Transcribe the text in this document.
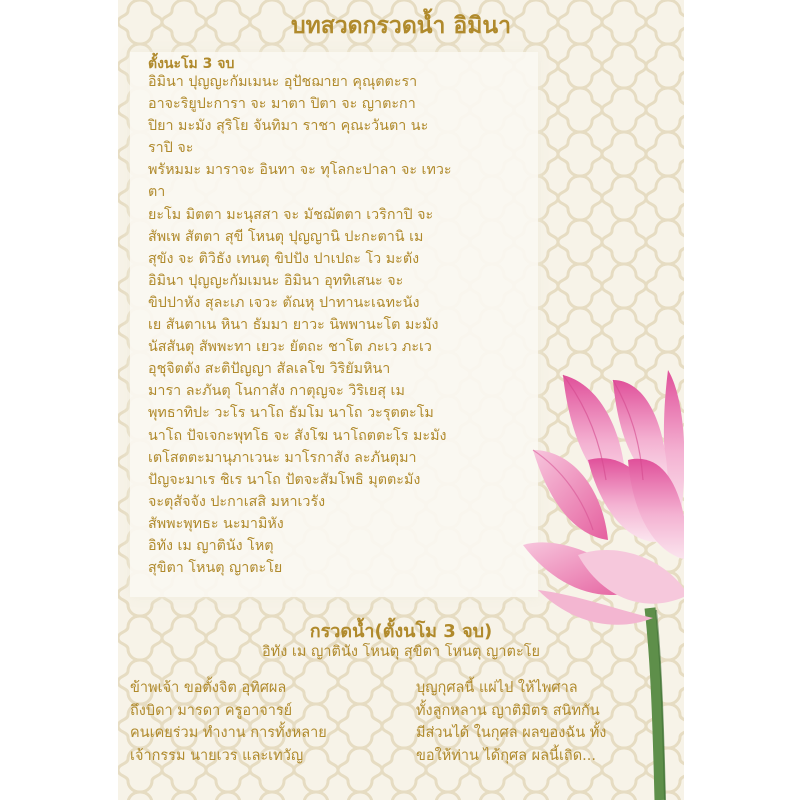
บทสวดกรวดน้ำ อิมินา
ตั้งนะโม 3 จบ
อิมินา ปุญญะกัมเมนะ อุปัชฌายา คุณุตตะรา
อาจะริยูปะการา จะ มาตา ปิตา จะ ญาตะกา
ปิยา มะมัง สุริโย จันทิมา ราชา คุณะวันตา นะ
ราปิ จะ
พรัหมมะ มาราจะ อินทา จะ ทุโลกะปาลา จะ เทวะ
ตา
ยะโม มิตตา มะนุสสา จะ มัชฌัตตา เวริกาปิ จะ
สัพเพ สัตตา สุขี โหนตุ ปุญญานิ ปะกะตานิ เม
สุขัง จะ ติวิธัง เทนตุ ขิปปัง ปาเปถะ โว มะตัง
อิมินา ปุญญะกัมเมนะ อิมินา อุททิเสนะ จะ
ขิปปาหัง สุละเภ เจวะ ตัณหุ ปาทานะเฉทะนัง
เย สันตาเน หินา ธัมมา ยาวะ นิพพานะโต มะมัง
นัสสันตุ สัพพะทา เยวะ ยัตถะ ชาโต ภะเว ภะเว
อุชุจิตตัง สะติปัญญา สัลเลโข วิริยัมหินา
มารา ละภันตุ โนกาสัง กาตุญจะ วิริเยสุ เม
พุทธาทิปะ วะโร นาโถ ธัมโม นาโถ วะรุตตะโม
นาโถ ปัจเจกะพุทโธ จะ สังโฆ นาโถตตะโร มะมัง
เตโสตตะมานุภาเวนะ มาโรกาสัง ละภันตุมา
ปัญจะมาเร ชิเร นาโถ ปัตจะสัมโพธิ มุตตะมัง
จะตุสัจจัง ปะกาเสสิ มหาเวรัง
สัพพะพุทธะ นะมามิหัง
อิทัง เม ญาตินัง โหตุ
สุขิตา โหนตุ ญาตะโย
กรวดน้ำ(ตั้งนโม 3 จบ)
อิทัง เม ญาตินัง โหนตุ สุขิตา โหนตุ ญาตะโย
ข้าพเจ้า ขอตั้งจิต อุทิศผล
ถึงบิดา มารดา ครูอาจารย์
คนเคยร่วม ทำงาน การทั้งหลาย
เจ้ากรรม นายเวร และเทวัญ
บุญกุศลนี้ แผ่ไป ให้ไพศาล
ทั้งลูกหลาน ญาติมิตร สนิทกัน
มีส่วนได้ ในกุศล ผลของฉัน ทั้ง
ขอให้ท่าน ได้กุศล ผลนี้เถิด...
